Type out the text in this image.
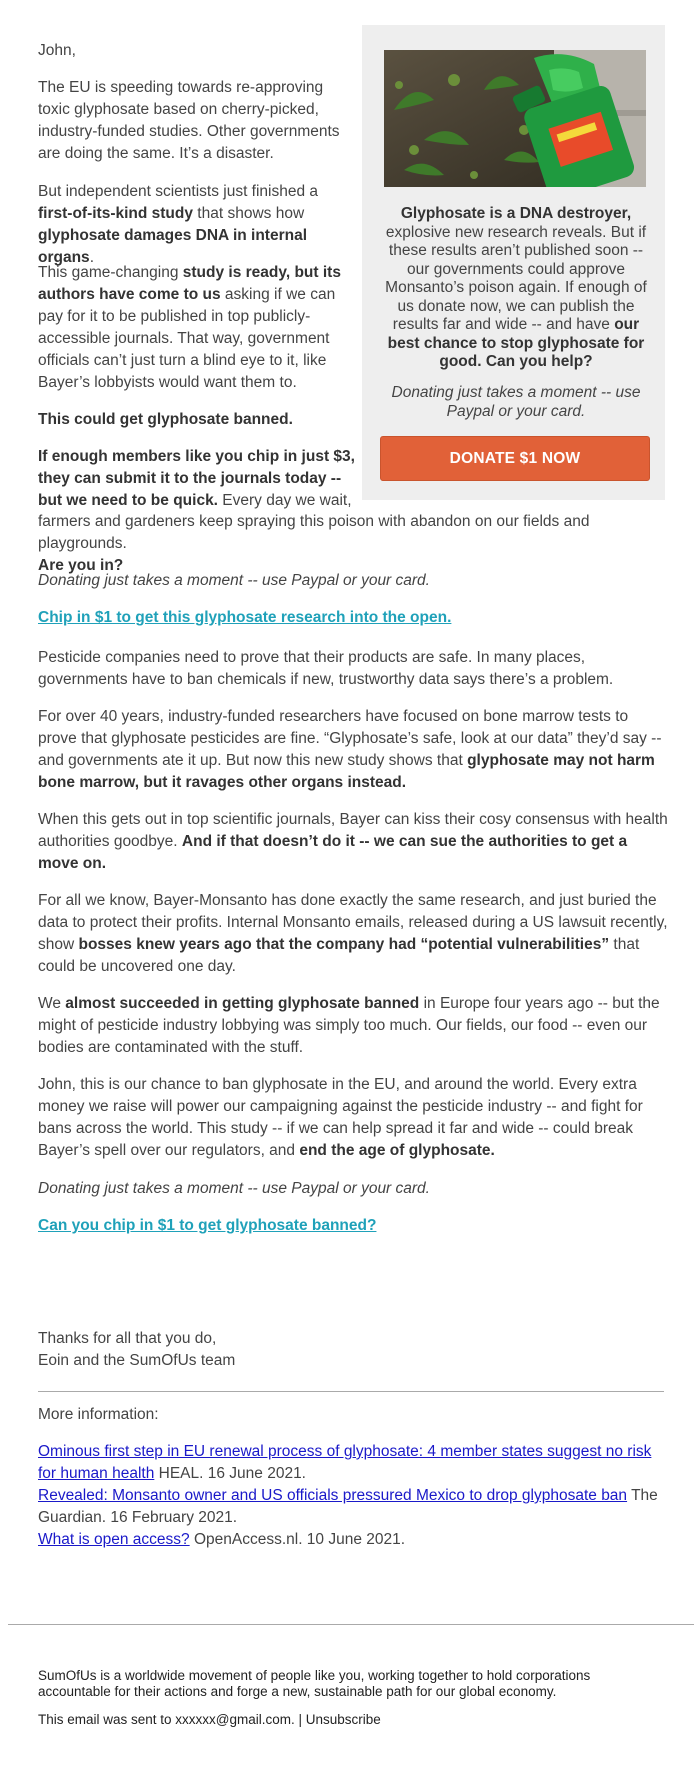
Glyphosate is a DNA destroyer, explosive new research reveals. But if these results aren’t published soon -- our governments could approve Monsanto’s poison again. If enough of us donate now, we can publish the results far and wide -- and have our best chance to stop glyphosate for good. Can you help?
Donating just takes a moment -- use Paypal or your card.
DONATE $1 NOW

John,

The EU is speeding towards re-approving toxic glyphosate based on cherry-picked, industry-funded studies. Other governments are doing the same. It’s a disaster.

But independent scientists just finished a first-of-its-kind study that shows how glyphosate damages DNA in internal organs.

This game-changing study is ready, but its authors have come to us asking if we can pay for it to be published in top publicly-accessible journals. That way, government officials can’t just turn a blind eye to it, like Bayer’s lobbyists would want them to.

This could get glyphosate banned.

If enough members like you chip in just $3, they can submit it to the journals today -- but we need to be quick. Every day we wait,

farmers and gardeners keep spraying this poison with abandon on our fields and playgrounds.
Are you in?

Donating just takes a moment -- use Paypal or your card.

Chip in $1 to get this glyphosate research into the open.

Pesticide companies need to prove that their products are safe. In many places, governments have to ban chemicals if new, trustworthy data says there’s a problem.

For over 40 years, industry-funded researchers have focused on bone marrow tests to prove that glyphosate pesticides are fine. “Glyphosate’s safe, look at our data” they’d say -- and governments ate it up. But now this new study shows that glyphosate may not harm bone marrow, but it ravages other organs instead.

When this gets out in top scientific journals, Bayer can kiss their cosy consensus with health authorities goodbye. And if that doesn’t do it -- we can sue the authorities to get a move on.

For all we know, Bayer-Monsanto has done exactly the same research, and just buried the data to protect their profits. Internal Monsanto emails, released during a US lawsuit recently, show bosses knew years ago that the company had “potential vulnerabilities” that could be uncovered one day.

We almost succeeded in getting glyphosate banned in Europe four years ago -- but the might of pesticide industry lobbying was simply too much. Our fields, our food -- even our bodies are contaminated with the stuff.

John, this is our chance to ban glyphosate in the EU, and around the world. Every extra money we raise will power our campaigning against the pesticide industry -- and fight for bans across the world. This study -- if we can help spread it far and wide -- could break Bayer’s spell over our regulators, and end the age of glyphosate.

Donating just takes a moment -- use Paypal or your card.

Can you chip in $1 to get glyphosate banned?

Thanks for all that you do,
Eoin and the SumOfUs team

More information:

Ominous first step in EU renewal process of glyphosate: 4 member states suggest no risk for human health HEAL. 16 June 2021.
Revealed: Monsanto owner and US officials pressured Mexico to drop glyphosate ban The Guardian. 16 February 2021.
What is open access? OpenAccess.nl. 10 June 2021.

SumOfUs is a worldwide movement of people like you, working together to hold corporations accountable for their actions and forge a new, sustainable path for our global economy.
This email was sent to xxxxxx@gmail.com. | Unsubscribe
